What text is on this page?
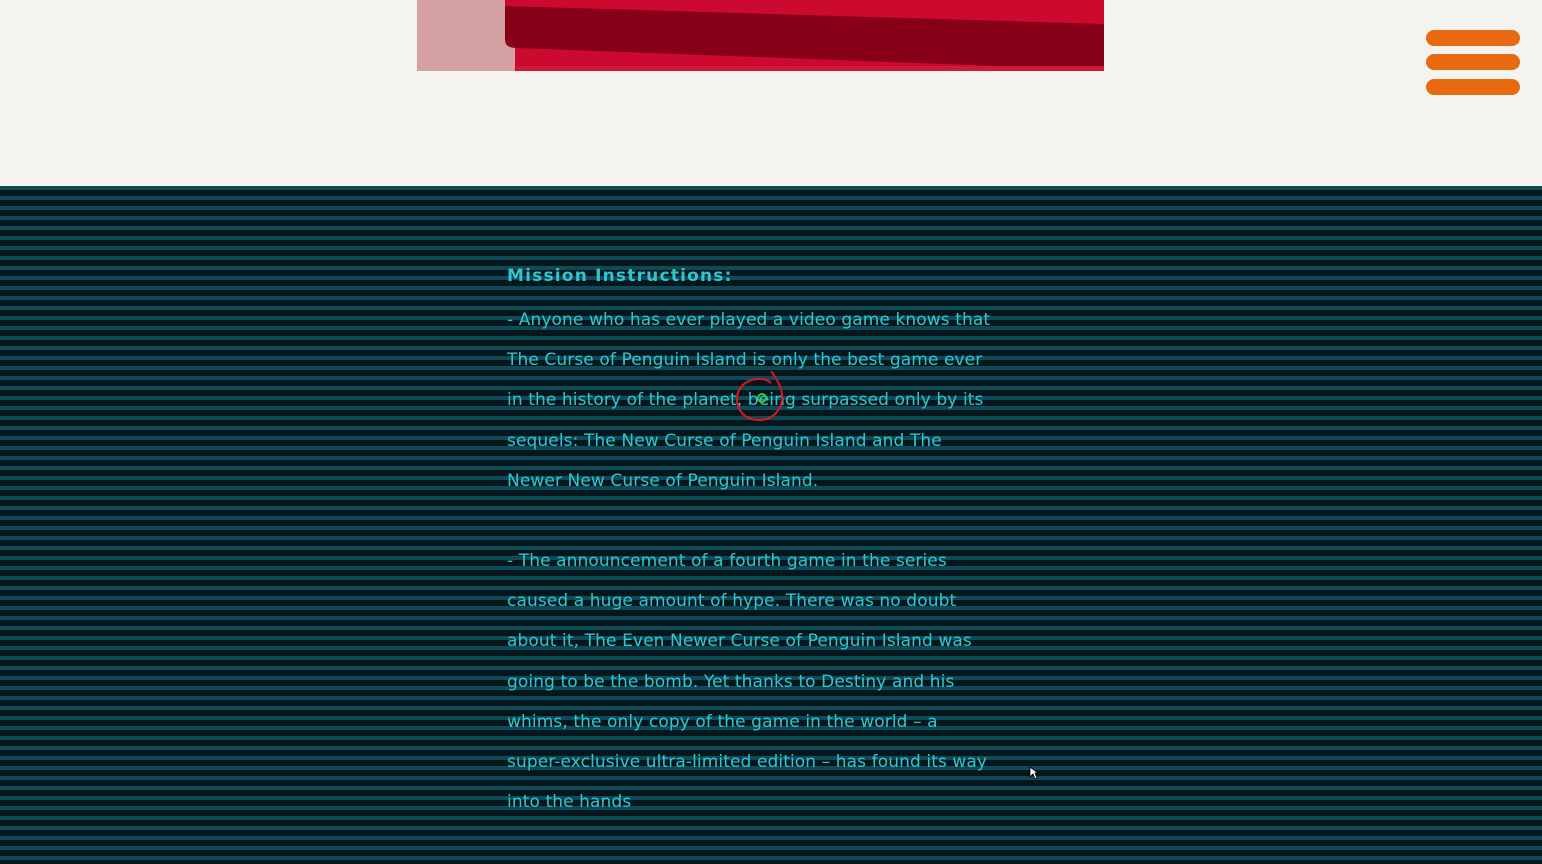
Mission Instructions:

- Anyone who has ever played a video game knows that The Curse of Penguin Island is only the best game ever in the history of the planet, being surpassed only by its sequels: The New Curse of Penguin Island and The Newer New Curse of Penguin Island.

- The announcement of a fourth game in the series caused a huge amount of hype. There was no doubt about it, The Even Newer Curse of Penguin Island was going to be the bomb. Yet thanks to Destiny and his whims, the only copy of the game in the world – a super-exclusive ultra-limited edition – has found its way into the hands
